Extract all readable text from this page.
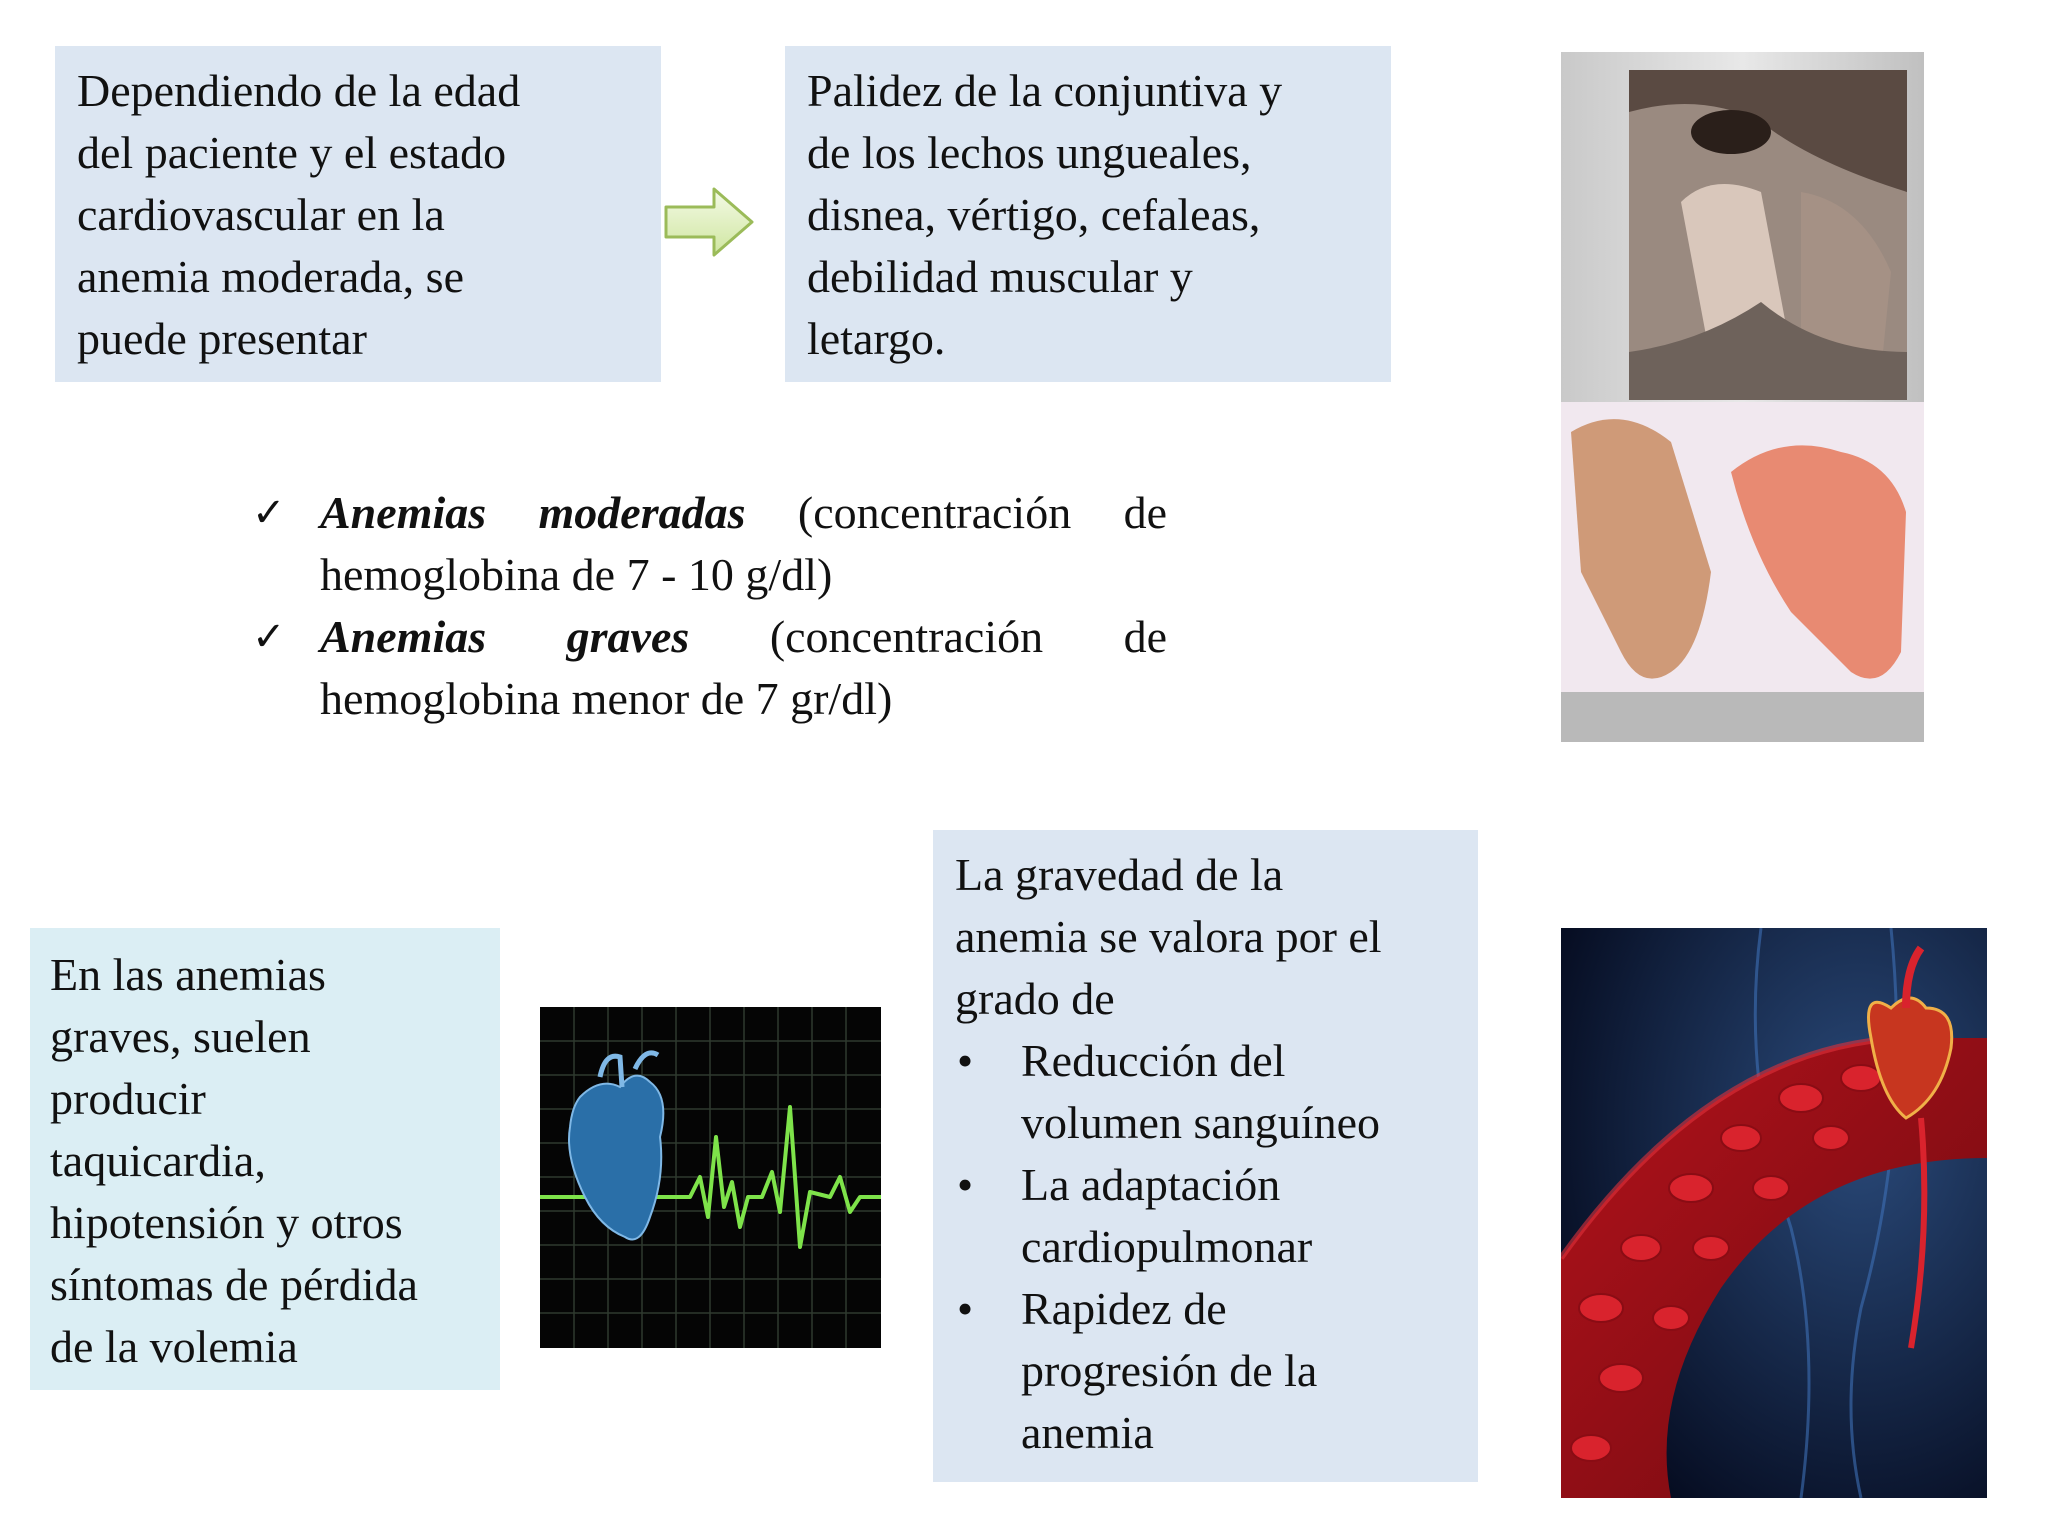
Dependiendo de la edad

del paciente y el estado

cardiovascular en la

anemia moderada, se

puede presentar

Palidez de la conjuntiva y

de los lechos ungueales,

disnea, vértigo, cefaleas,

debilidad muscular y

letargo.

✓ Anemias moderadas (concentración de hemoglobina de 7 - 10 g/dl)
✓ Anemias graves (concentración de hemoglobina menor de 7 gr/dl)

En las anemias

graves, suelen

producir

taquicardia,

hipotensión y otros

síntomas de pérdida

de la volemia

La gravedad de la

anemia se valora por el

grado de

• Reducción del
volumen sanguíneo
• La adaptación
cardiopulmonar
• Rapidez de
progresión de la
anemia
